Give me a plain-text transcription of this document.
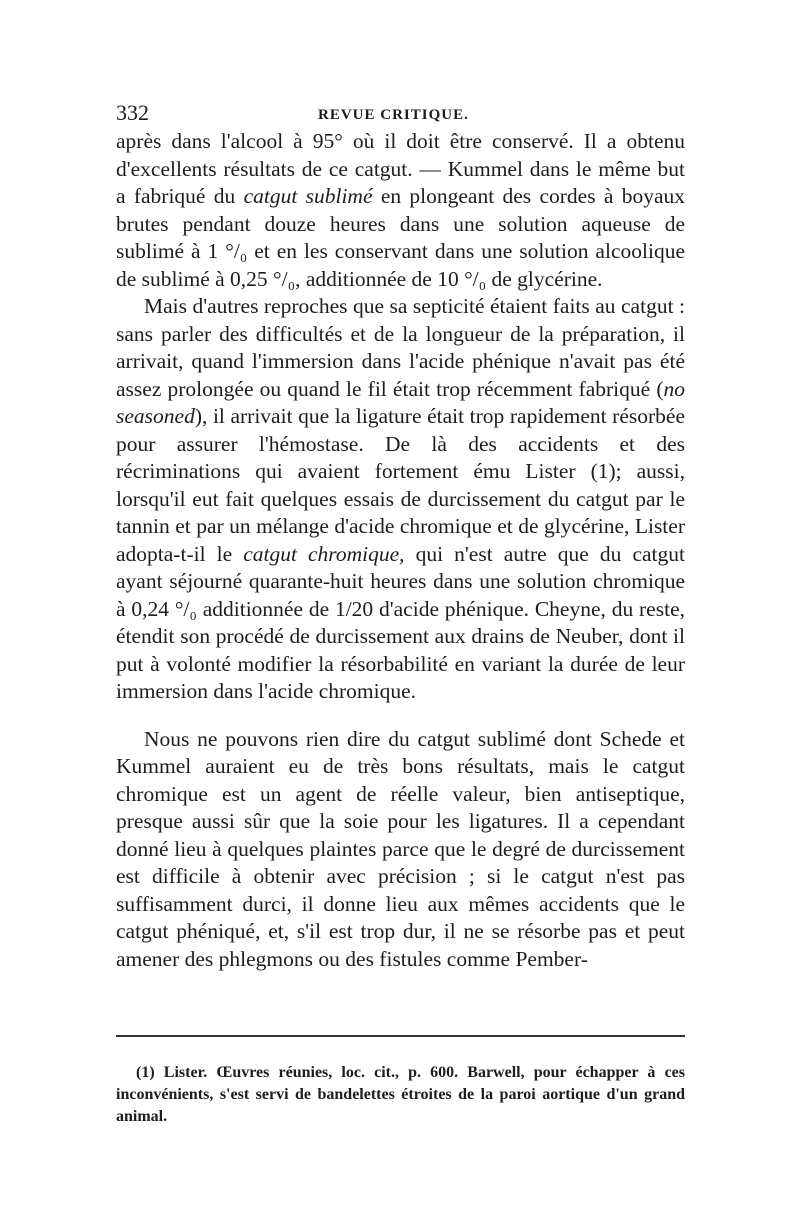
332	REVUE CRITIQUE.

après dans l'alcool à 95° où il doit être conservé. Il a obtenu d'excellents résultats de ce catgut. — Kummel dans le même but a fabriqué du catgut sublimé en plongeant des cordes à boyaux brutes pendant douze heures dans une solution aqueuse de sublimé à 1 °/₀ et en les conservant dans une solution alcoolique de sublimé à 0,25 °/₀, additionnée de 10 °/₀ de glycérine.

Mais d'autres reproches que sa septicité étaient faits au catgut : sans parler des difficultés et de la longueur de la préparation, il arrivait, quand l'immersion dans l'acide phénique n'avait pas été assez prolongée ou quand le fil était trop récemment fabriqué (no seasoned), il arrivait que la ligature était trop rapidement résorbée pour assurer l'hémostase. De là des accidents et des récriminations qui avaient fortement ému Lister (1); aussi, lorsqu'il eut fait quelques essais de durcissement du catgut par le tannin et par un mélange d'acide chromique et de glycérine, Lister adopta-t-il le catgut chromique, qui n'est autre que du catgut ayant séjourné quarante-huit heures dans une solution chromique à 0,24 °/₀ additionnée de 1/20 d'acide phénique. Cheyne, du reste, étendit son procédé de durcissement aux drains de Neuber, dont il put à volonté modifier la résorbabilité en variant la durée de leur immersion dans l'acide chromique.

Nous ne pouvons rien dire du catgut sublimé dont Schede et Kummel auraient eu de très bons résultats, mais le catgut chromique est un agent de réelle valeur, bien antiseptique, presque aussi sûr que la soie pour les ligatures. Il a cependant donné lieu à quelques plaintes parce que le degré de durcissement est difficile à obtenir avec précision ; si le catgut n'est pas suffisamment durci, il donne lieu aux mêmes accidents que le catgut phéniqué, et, s'il est trop dur, il ne se résorbe pas et peut amener des phlegmons ou des fistules comme Pember-

(1) Lister. Œuvres réunies, loc. cit., p. 600. Barwell, pour échapper à ces inconvénients, s'est servi de bandelettes étroites de la paroi aortique d'un grand animal.
